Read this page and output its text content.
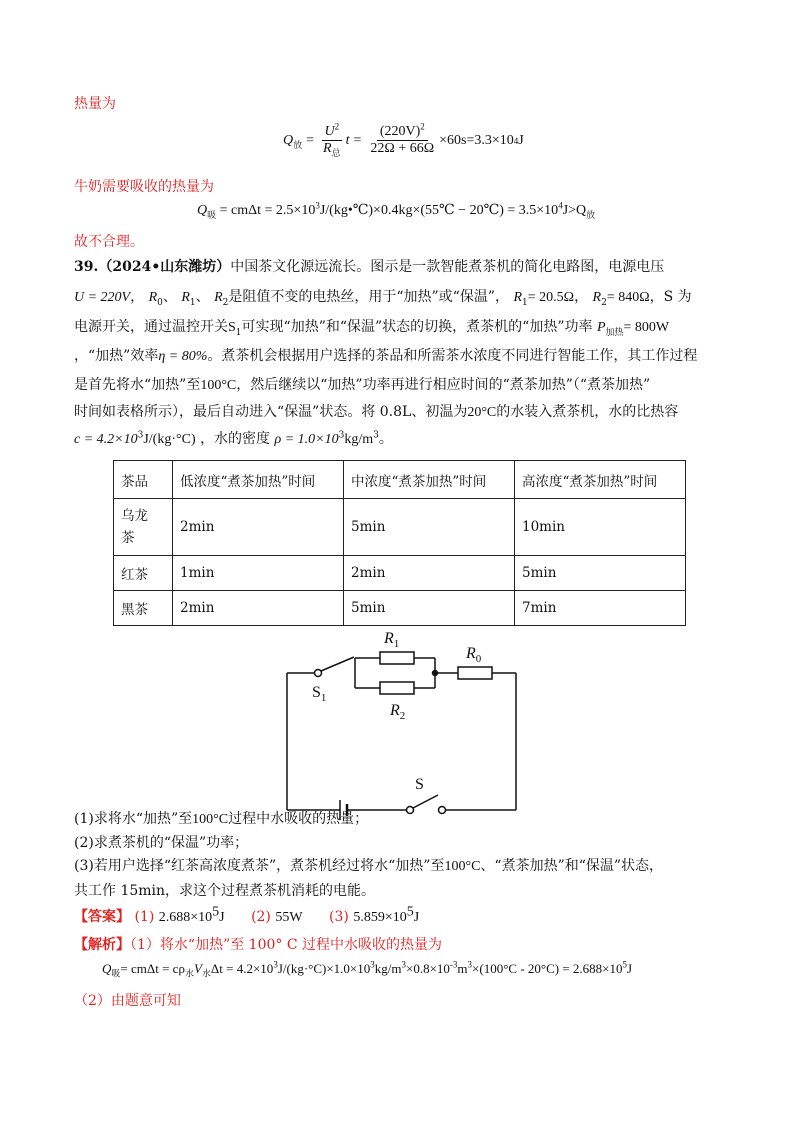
热量为
$Q_放 = \frac{U^2}{R_总}$ $t = \frac{(220V)^2}{22\Omega + 66\Omega} \times 60s=3.3\times 10$ 4 J
牛奶需要吸收的热量为
$Q_吸 = cm\Delta t$ = $2.5\times 10^3J/(kg•℃)\times 0.4kg\times(55℃$ − 20℃) = $3.5\times 10^4J>Q_放$
故不合理。
39.（2024•山东潍坊）中国茶文化源远流长。图示是一款智能煮茶机的简化电路图，电源电压
U = 220V， $R_0$、 $R_1$、 $R_2$是阻值不变的电热丝，用于“加热”或“保温”， $R_1= 20.5\Omega$， $R_2= 840\Omega$，S 为
电源开关，通过温控开关$S_1$可实现“加热”和“保温”状态的切换，煮茶机的“加热”功率 $P_{加热}= 800W$
，“加热”效率η = 80%。煮茶机会根据用户选择的茶品和所需茶水浓度不同进行智能工作，其工作过程
是首先将水“加热”至100°C，然后继续以“加热”功率再进行相应时间的“煮茶加热”（“煮茶加热”
时间如表格所示），最后自动进入“保温”状态。将 0.8L、初温为20°C的水装入煮茶机，水的比热容
$c = 4.2\times 10^3J/(kg\cdot^\circ C)$ ，水的密度 $\rho = 1.0\times 10^3kg/m^3$。
茶品	低浓度“煮茶加热”时间	中浓度“煮茶加热”时间	高浓度“煮茶加热”时间
乌龙
茶	2min	5min	10min
红茶	1min	2min	5min
黑茶	2min	5min	7min
$R_1$
$R_2$
$R_0$
$S_1$
S
(1)求将水“加热”至100°C过程中水吸收的热量；
(2)求煮茶机的“保温”功率；
(3)若用户选择“红茶高浓度煮茶”，煮茶机经过将水“加热”至100°C、“煮茶加热”和“保温”状态，
共工作 15min，求这个过程煮茶机消耗的电能。
【答案】 (1) $2.688\times 10^5J$ (2) 55W (3) $5.859\times 10^5J$
【解析】（1）将水“加热”至 100° C 过程中水吸收的热量为
$Q_吸= cm\Delta t = c\rho_水V_水\Delta t = 4.2\times 10^3J/(kg\cdot^\circ C)\times 1.0\times 10^3kg/m^3\times 0.8\times 10^{-3}m^3\times(100^\circ C - 20^\circ C) = 2.688\times 10^5J$
（2）由题意可知
